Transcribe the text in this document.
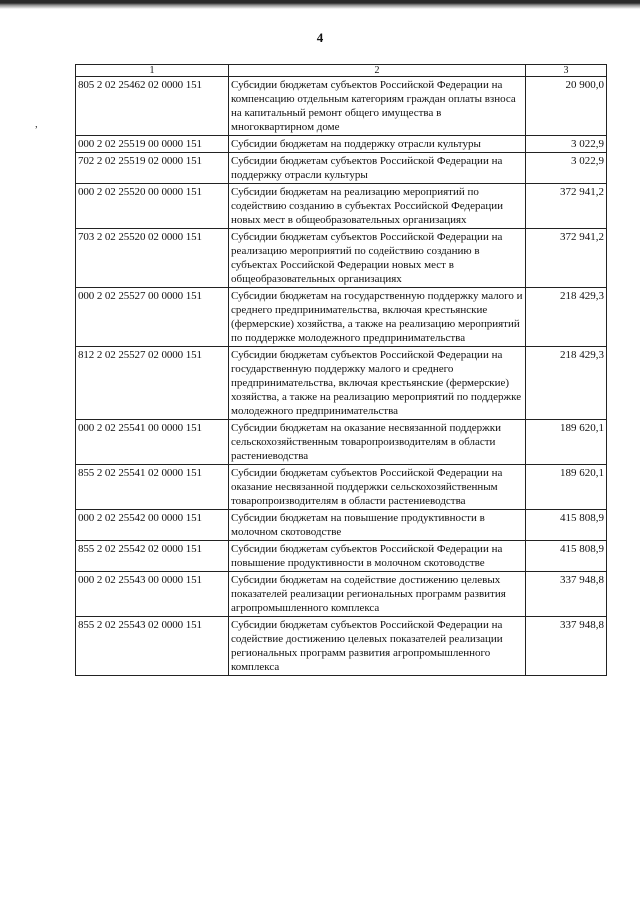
4
,
1	2	3
805 2 02 25462 02 0000 151	Субсидии бюджетам субъектов Российской Федерации на компенсацию отдельным категориям граждан оплаты взноса на капитальный ремонт общего имущества в многоквартирном доме	20 900,0
000 2 02 25519 00 0000 151	Субсидии бюджетам на поддержку отрасли культуры	3 022,9
702 2 02 25519 02 0000 151	Субсидии бюджетам субъектов Российской Федерации на поддержку отрасли культуры	3 022,9
000 2 02 25520 00 0000 151	Субсидии бюджетам на реализацию мероприятий по содействию созданию в субъектах Российской Федерации новых мест в общеобразовательных организациях	372 941,2
703 2 02 25520 02 0000 151	Субсидии бюджетам субъектов Российской Федерации на реализацию мероприятий по содействию созданию в субъектах Российской Федерации новых мест в общеобразовательных организациях	372 941,2
000 2 02 25527 00 0000 151	Субсидии бюджетам на государственную поддержку малого и среднего предпринимательства, включая крестьянские (фермерские) хозяйства, а также на реализацию мероприятий по поддержке молодежного предпринимательства	218 429,3
812 2 02 25527 02 0000 151	Субсидии бюджетам субъектов Российской Федерации на государственную поддержку малого и среднего предпринимательства, включая крестьянские (фермерские) хозяйства, а также на реализацию мероприятий по поддержке молодежного предпринимательства	218 429,3
000 2 02 25541 00 0000 151	Субсидии бюджетам на оказание несвязанной поддержки сельскохозяйственным товаропроизводителям в области растениеводства	189 620,1
855 2 02 25541 02 0000 151	Субсидии бюджетам субъектов Российской Федерации на оказание несвязанной поддержки сельскохозяйственным товаропроизводителям в области растениеводства	189 620,1
000 2 02 25542 00 0000 151	Субсидии бюджетам на повышение продуктивности в молочном скотоводстве	415 808,9
855 2 02 25542 02 0000 151	Субсидии бюджетам субъектов Российской Федерации на повышение продуктивности в молочном скотоводстве	415 808,9
000 2 02 25543 00 0000 151	Субсидии бюджетам на содействие достижению целевых показателей реализации региональных программ развития агропромышленного комплекса	337 948,8
855 2 02 25543 02 0000 151	Субсидии бюджетам субъектов Российской Федерации на содействие достижению целевых показателей реализации региональных программ развития агропромышленного комплекса	337 948,8
